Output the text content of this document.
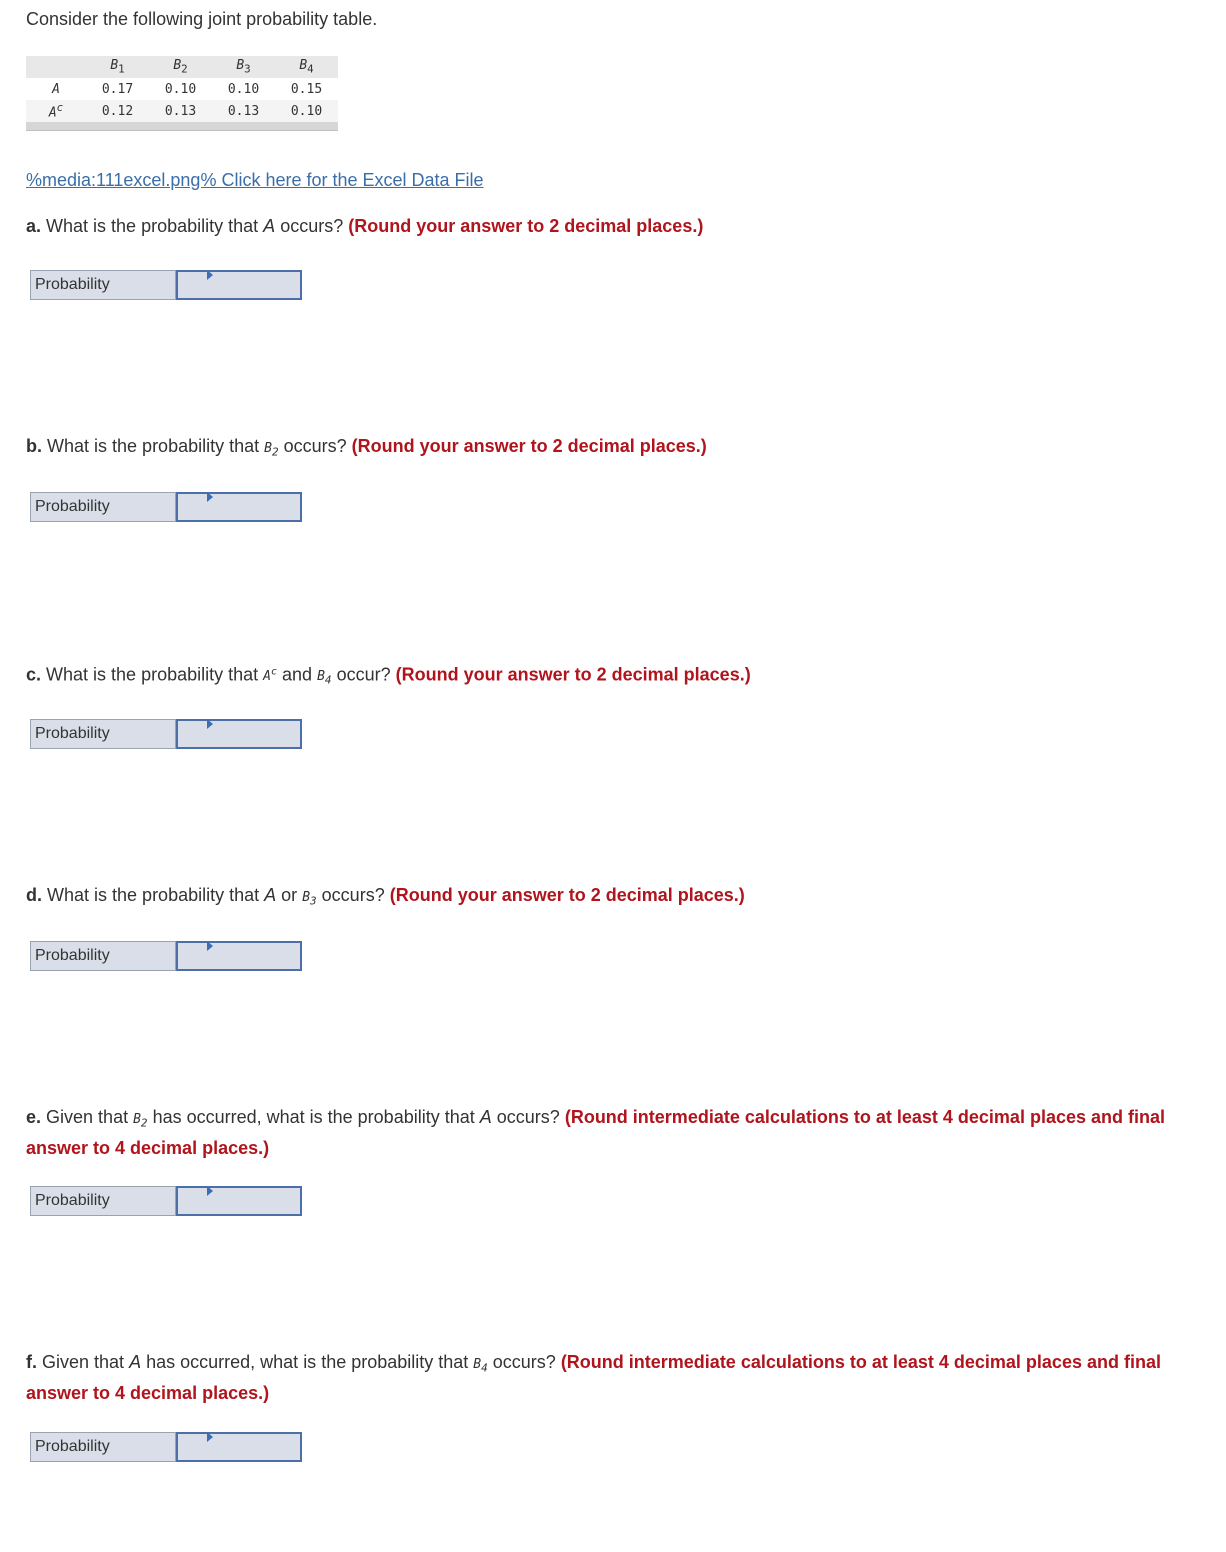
Consider the following joint probability table.
	$B_1$	$B_2$	$B_3$	$B_4$
A	0.17	0.10	0.10	0.15
$A^c$	0.12	0.13	0.13	0.10

%media:111excel.png% Click here for the Excel Data File
a. What is the probability that A occurs? (Round your answer to 2 decimal places.)
Probability
b. What is the probability that $B_2$ occurs? (Round your answer to 2 decimal places.)
Probability
c. What is the probability that $A^c$ and $B_4$ occur? (Round your answer to 2 decimal places.)
Probability
d. What is the probability that A or $B_3$ occurs? (Round your answer to 2 decimal places.)
Probability
e. Given that $B_2$ has occurred, what is the probability that A occurs? (Round intermediate calculations to at least 4 decimal places and final answer to 4 decimal places.)
Probability
f. Given that A has occurred, what is the probability that $B_4$ occurs? (Round intermediate calculations to at least 4 decimal places and final answer to 4 decimal places.)
Probability
